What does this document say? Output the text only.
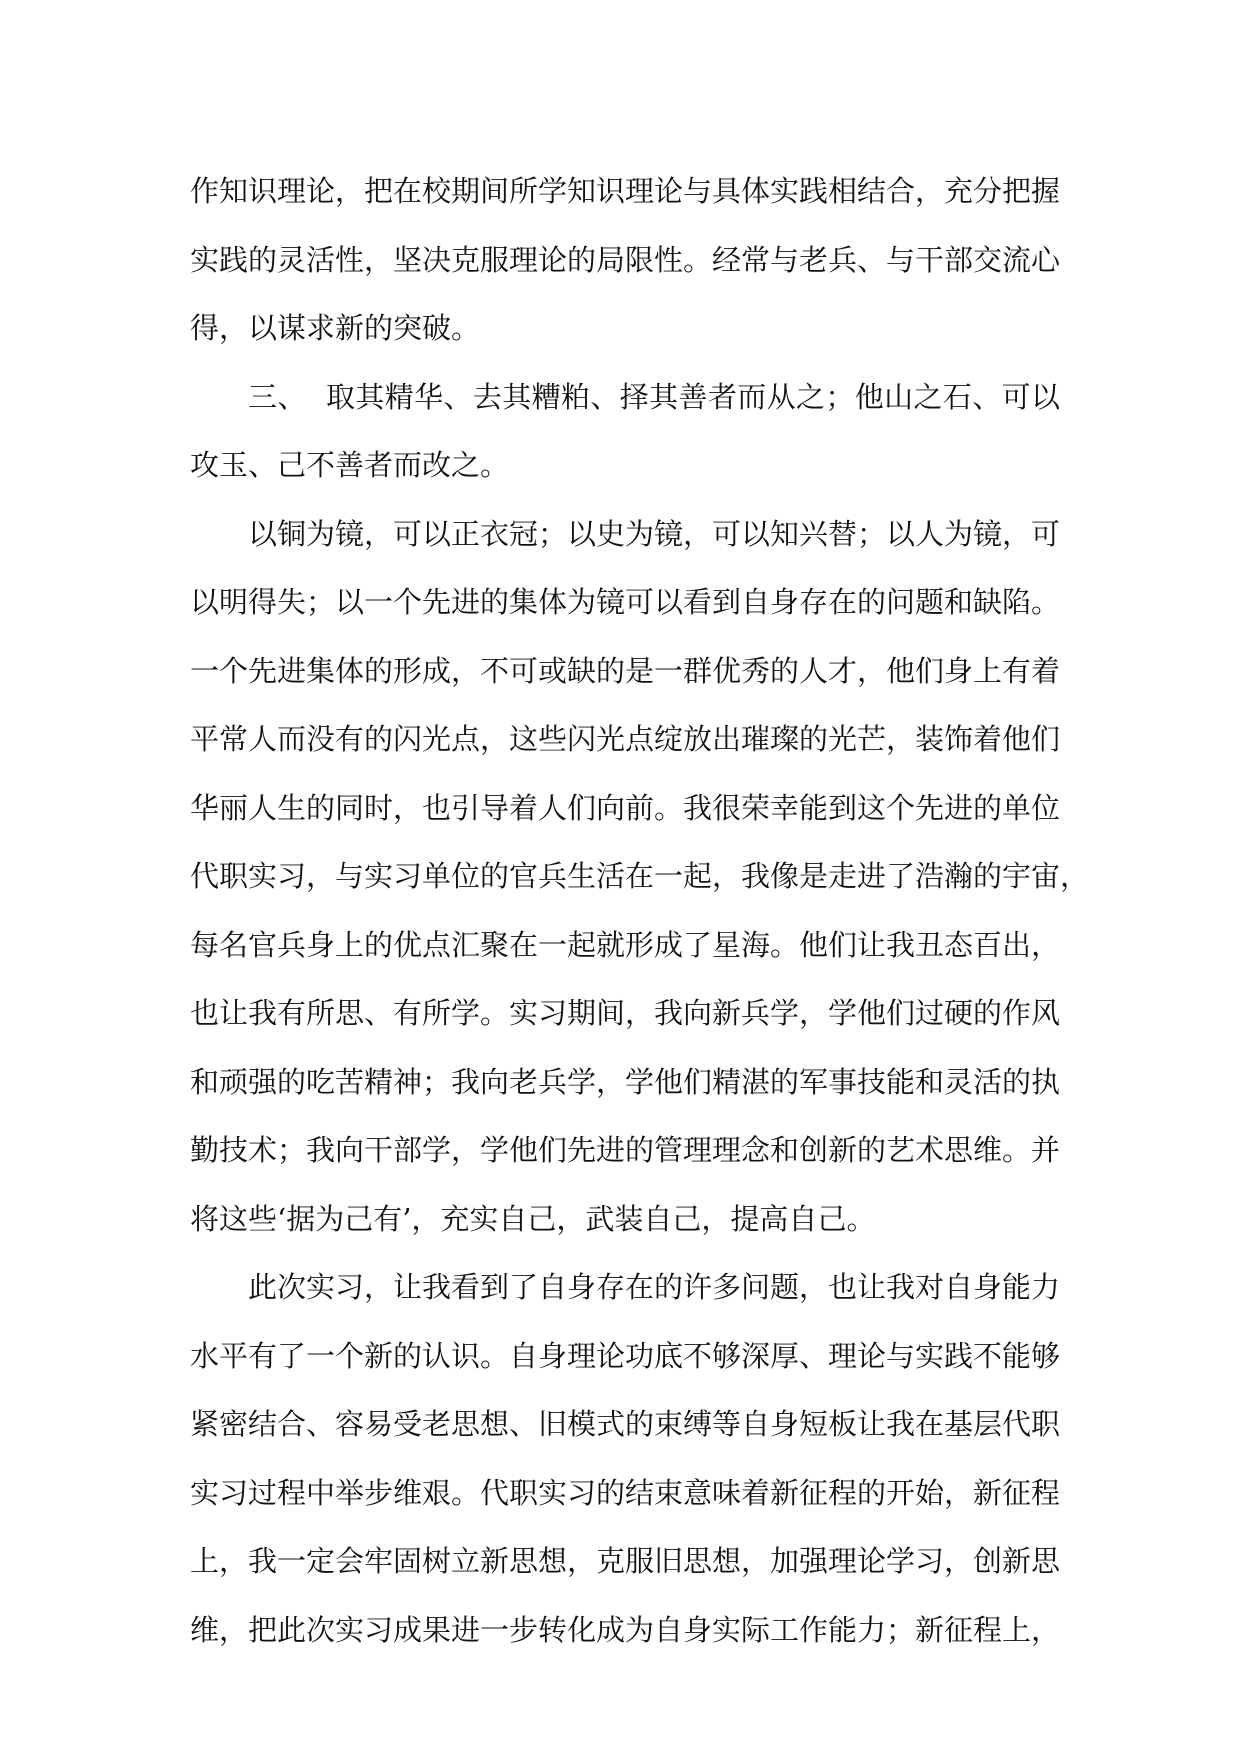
作知识理论，把在校期间所学知识理论与具体实践相结合，充分把握
实践的灵活性，坚决克服理论的局限性。经常与老兵、与干部交流心
得，以谋求新的突破。
三、  取其精华、去其糟粕、择其善者而从之；他山之石、可以
攻玉、己不善者而改之。
以铜为镜，可以正衣冠；以史为镜，可以知兴替；以人为镜，可
以明得失；以一个先进的集体为镜可以看到自身存在的问题和缺陷。
一个先进集体的形成，不可或缺的是一群优秀的人才，他们身上有着
平常人而没有的闪光点，这些闪光点绽放出璀璨的光芒，装饰着他们
华丽人生的同时，也引导着人们向前。我很荣幸能到这个先进的单位
代职实习，与实习单位的官兵生活在一起，我像是走进了浩瀚的宇宙，
每名官兵身上的优点汇聚在一起就形成了星海。他们让我丑态百出，
也让我有所思、有所学。实习期间，我向新兵学，学他们过硬的作风
和顽强的吃苦精神；我向老兵学，学他们精湛的军事技能和灵活的执
勤技术；我向干部学，学他们先进的管理理念和创新的艺术思维。并
将这些‘据为己有’，充实自己，武装自己，提高自己。
此次实习，让我看到了自身存在的许多问题，也让我对自身能力
水平有了一个新的认识。自身理论功底不够深厚、理论与实践不能够
紧密结合、容易受老思想、旧模式的束缚等自身短板让我在基层代职
实习过程中举步维艰。代职实习的结束意味着新征程的开始，新征程
上，我一定会牢固树立新思想，克服旧思想，加强理论学习，创新思
维，把此次实习成果进一步转化成为自身实际工作能力；新征程上，
